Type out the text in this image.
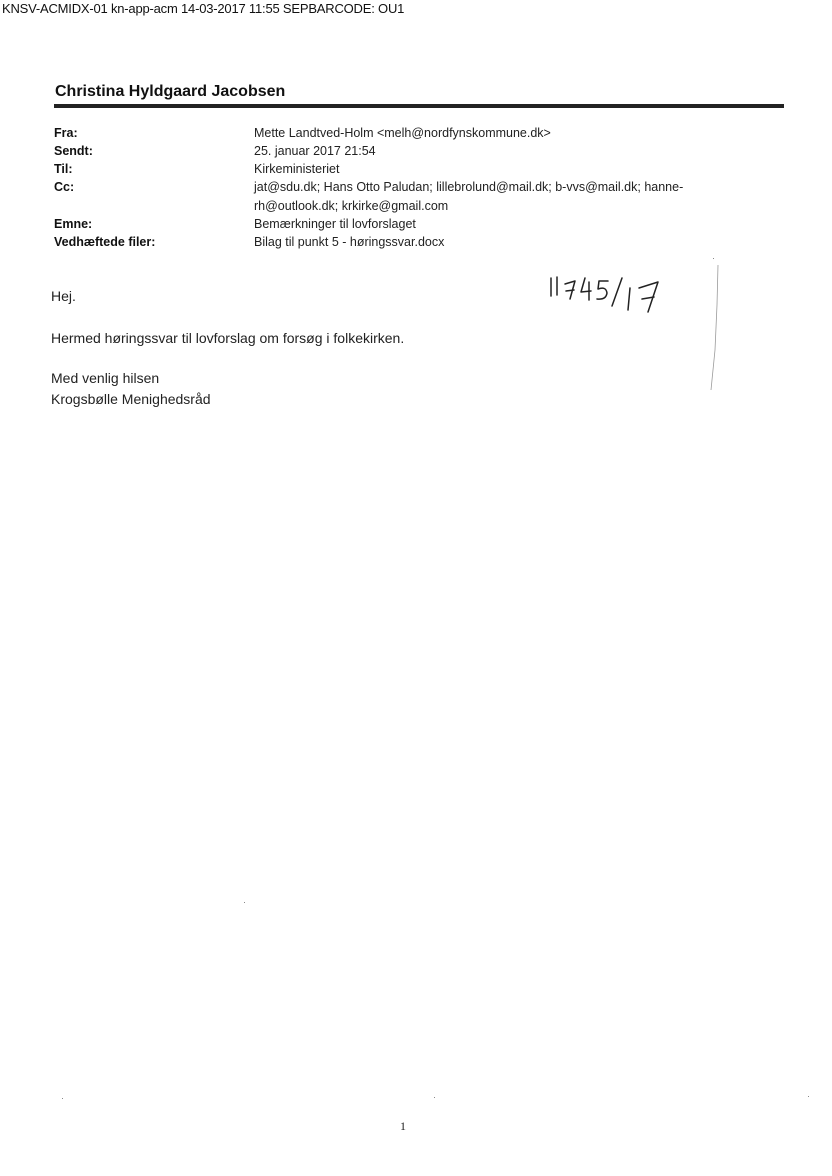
KNSV-ACMIDX-01 kn-app-acm 14-03-2017 11:55 SEPBARCODE: OU1
Christina Hyldgaard Jacobsen
Fra:	Mette Landtved-Holm <melh@nordfynskommune.dk>
Sendt:	25. januar 2017 21:54
Til:	Kirkeministeriet
Cc:	jat@sdu.dk; Hans Otto Paludan; lillebrolund@mail.dk; b-vvs@mail.dk; hanne-
rh@outlook.dk; krkirke@gmail.com
Emne:	Bemærkninger til lovforslaget
Vedhæftede filer:	Bilag til punkt 5 - høringssvar.docx
Hej.
Hermed høringssvar til lovforslag om forsøg i folkekirken.
Med venlig hilsen
Krogsbølle Menighedsråd
1
